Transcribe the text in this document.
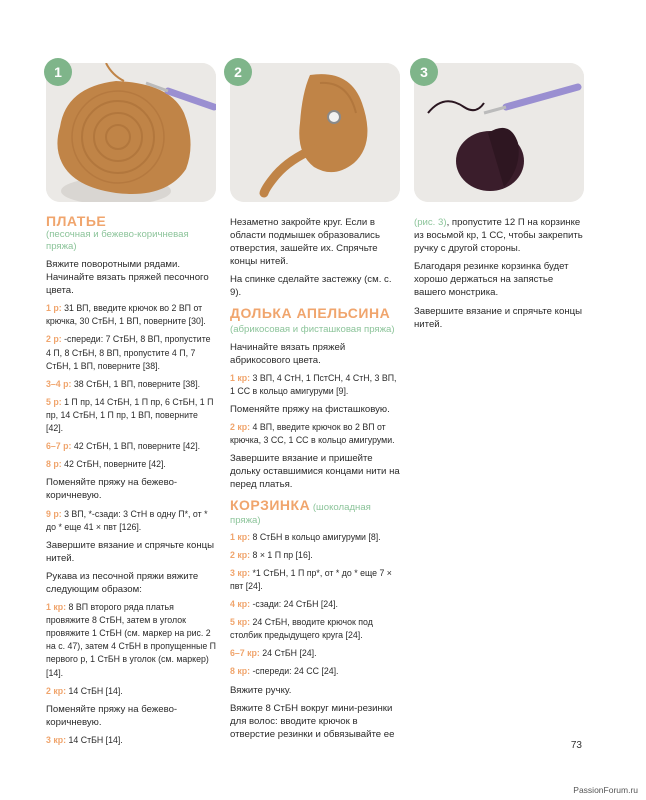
1	2	3
ПЛАТЬЕ
(песочная и бежево-коричневая пряжа)

Вяжите поворотными рядами. Начинайте вязать пряжей песочного цвета.

1 р: 31 ВП, введите крючок во 2 ВП от крючка, 30 СтБН, 1 ВП, поверните [30].

2 р: -спереди: 7 СтБН, 8 ВП, пропустите 4 П, 8 СтБН, 8 ВП, пропустите 4 П, 7 СтБН, 1 ВП, поверните [38].

3–4 р: 38 СтБН, 1 ВП, поверните [38].

5 р: 1 П пр, 14 СтБН, 1 П пр, 6 СтБН, 1 П пр, 14 СтБН, 1 П пр, 1 ВП, поверните [42].

6–7 р: 42 СтБН, 1 ВП, поверните [42].

8 р: 42 СтБН, поверните [42].

Поменяйте пряжу на бежево-коричневую.

9 р: 3 ВП, *-сзади: 3 СтН в одну П*, от * до * еще 41 × пвт [126].

Завершите вязание и спрячьте концы нитей.

Рукава из песочной пряжи вяжите следующим образом:

1 кр: 8 ВП второго ряда платья провяжите 8 СтБН, затем в уголок провяжите 1 СтБН (см. маркер на рис. 2 на с. 47), затем 4 СтБН в пропущенные П первого р, 1 СтБН в уголок (см. маркер) [14].

2 кр: 14 СтБН [14].

Поменяйте пряжу на бежево-коричневую.

3 кр: 14 СтБН [14].

Незаметно закройте круг. Если в области подмышек образовались отверстия, зашейте их. Спрячьте концы нитей.

На спинке сделайте застежку (см. с. 9).

ДОЛЬКА АПЕЛЬСИНА (абрикосовая и фисташковая пряжа)

Начинайте вязать пряжей абрикосового цвета.

1 кр: 3 ВП, 4 СтН, 1 ПстСН, 4 СтН, 3 ВП, 1 СС в кольцо амигуруми [9].

Поменяйте пряжу на фисташковую.

2 кр: 4 ВП, введите крючок во 2 ВП от крючка, 3 СС, 1 СС в кольцо амигуруми.

Завершите вязание и пришейте дольку оставшимися концами нити на перед платья.

КОРЗИНКА (шоколадная пряжа)

1 кр: 8 СтБН в кольцо амигуруми [8].

2 кр: 8 × 1 П пр [16].

3 кр: *1 СтБН, 1 П пр*, от * до * еще 7 × пвт [24].

4 кр: -сзади: 24 СтБН [24].

5 кр: 24 СтБН, вводите крючок под столбик предыдущего круга [24].

6–7 кр: 24 СтБН [24].

8 кр: -спереди: 24 СС [24].

Вяжите ручку.

Вяжите 8 СтБН вокруг мини-резинки для волос: вводите крючок в отверстие резинки и обвязывайте ее

(рис. 3), пропустите 12 П на корзинке из восьмой кр, 1 СС, чтобы закрепить ручку с другой стороны.

Благодаря резинке корзинка будет хорошо держаться на запястье вашего монстрика.

Завершите вязание и спрячьте концы нитей.

73
PassionForum.ru
